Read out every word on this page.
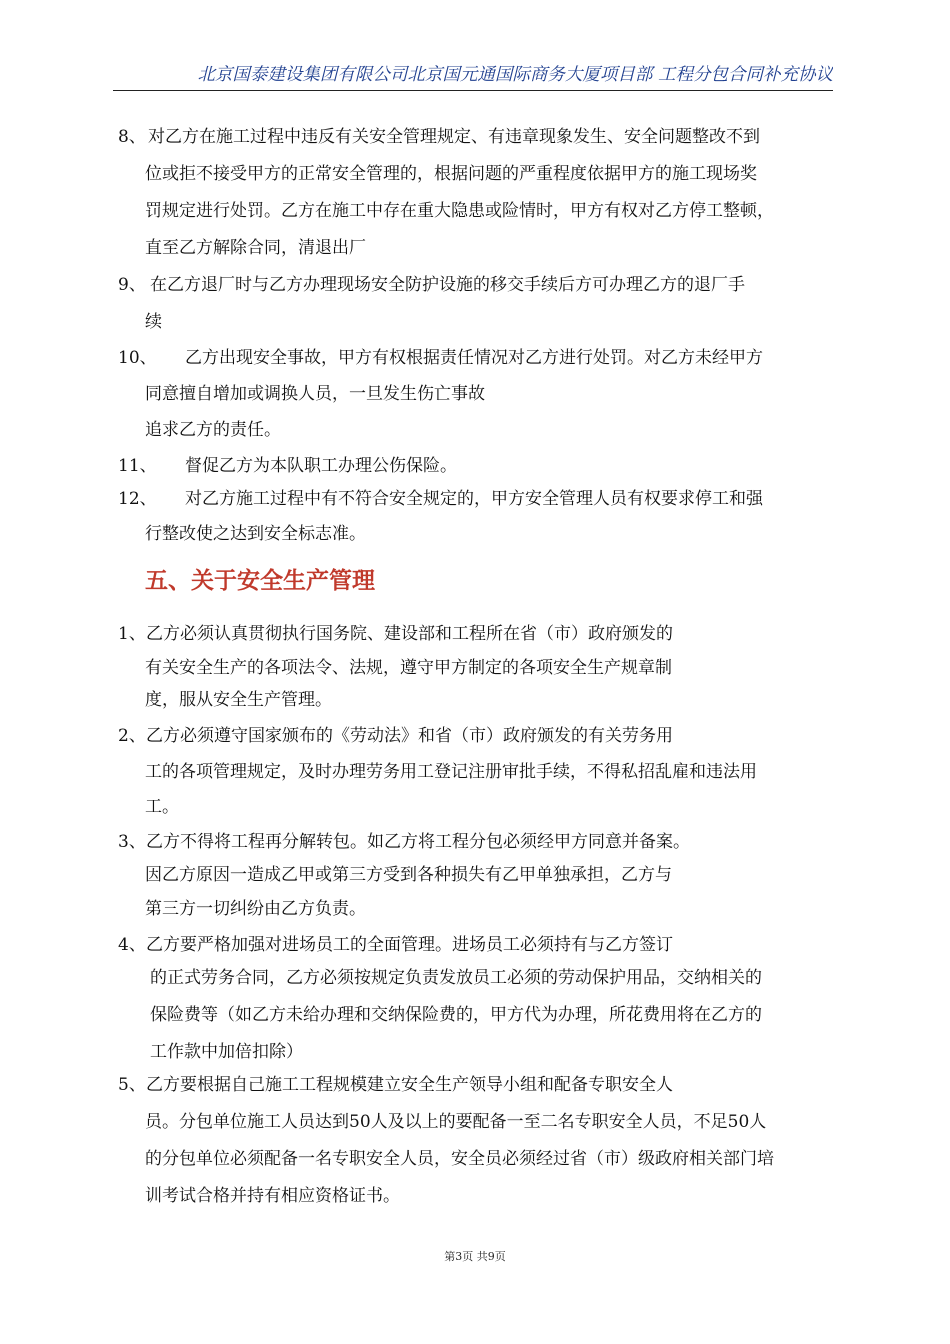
北京国泰建设集团有限公司北京国元通国际商务大厦项目部 工程分包合同补充协议
8、 对乙方在施工过程中违反有关安全管理规定、有违章现象发生、安全问题整改不到
位或拒不接受甲方的正常安全管理的，根据问题的严重程度依据甲方的施工现场奖
罚规定进行处罚。乙方在施工中存在重大隐患或险情时，甲方有权对乙方停工整顿，
直至乙方解除合同，清退出厂
9、 在乙方退厂时与乙方办理现场安全防护设施的移交手续后方可办理乙方的退厂手
续
10、 乙方出现安全事故，甲方有权根据责任情况对乙方进行处罚。对乙方未经甲方
同意擅自增加或调换人员，一旦发生伤亡事故
追求乙方的责任。
11、 督促乙方为本队职工办理公伤保险。
12、 对乙方施工过程中有不符合安全规定的，甲方安全管理人员有权要求停工和强
行整改使之达到安全标志准。
五、关于安全生产管理
1、 乙方必须认真贯彻执行国务院、建设部和工程所在省（市）政府颁发的
有关安全生产的各项法令、法规，遵守甲方制定的各项安全生产规章制
度，服从安全生产管理。
2、 乙方必须遵守国家颁布的《劳动法》和省（市）政府颁发的有关劳务用
工的各项管理规定，及时办理劳务用工登记注册审批手续，不得私招乱雇和违法用
工。
3、 乙方不得将工程再分解转包。如乙方将工程分包必须经甲方同意并备案。
因乙方原因一造成乙甲或第三方受到各种损失有乙甲单独承担，乙方与
第三方一切纠纷由乙方负责。
4、 乙方要严格加强对进场员工的全面管理。进场员工必须持有与乙方签订
的正式劳务合同，乙方必须按规定负责发放员工必须的劳动保护用品，交纳相关的
保险费等（如乙方未给办理和交纳保险费的，甲方代为办理，所花费用将在乙方的
工作款中加倍扣除）
5、 乙方要根据自己施工工程规模建立安全生产领导小组和配备专职安全人
员。分包单位施工人员达到50人及以上的要配备一至二名专职安全人员，不足50人
的分包单位必须配备一名专职安全人员，安全员必须经过省（市）级政府相关部门培
训考试合格并持有相应资格证书。
第3页 共9页
